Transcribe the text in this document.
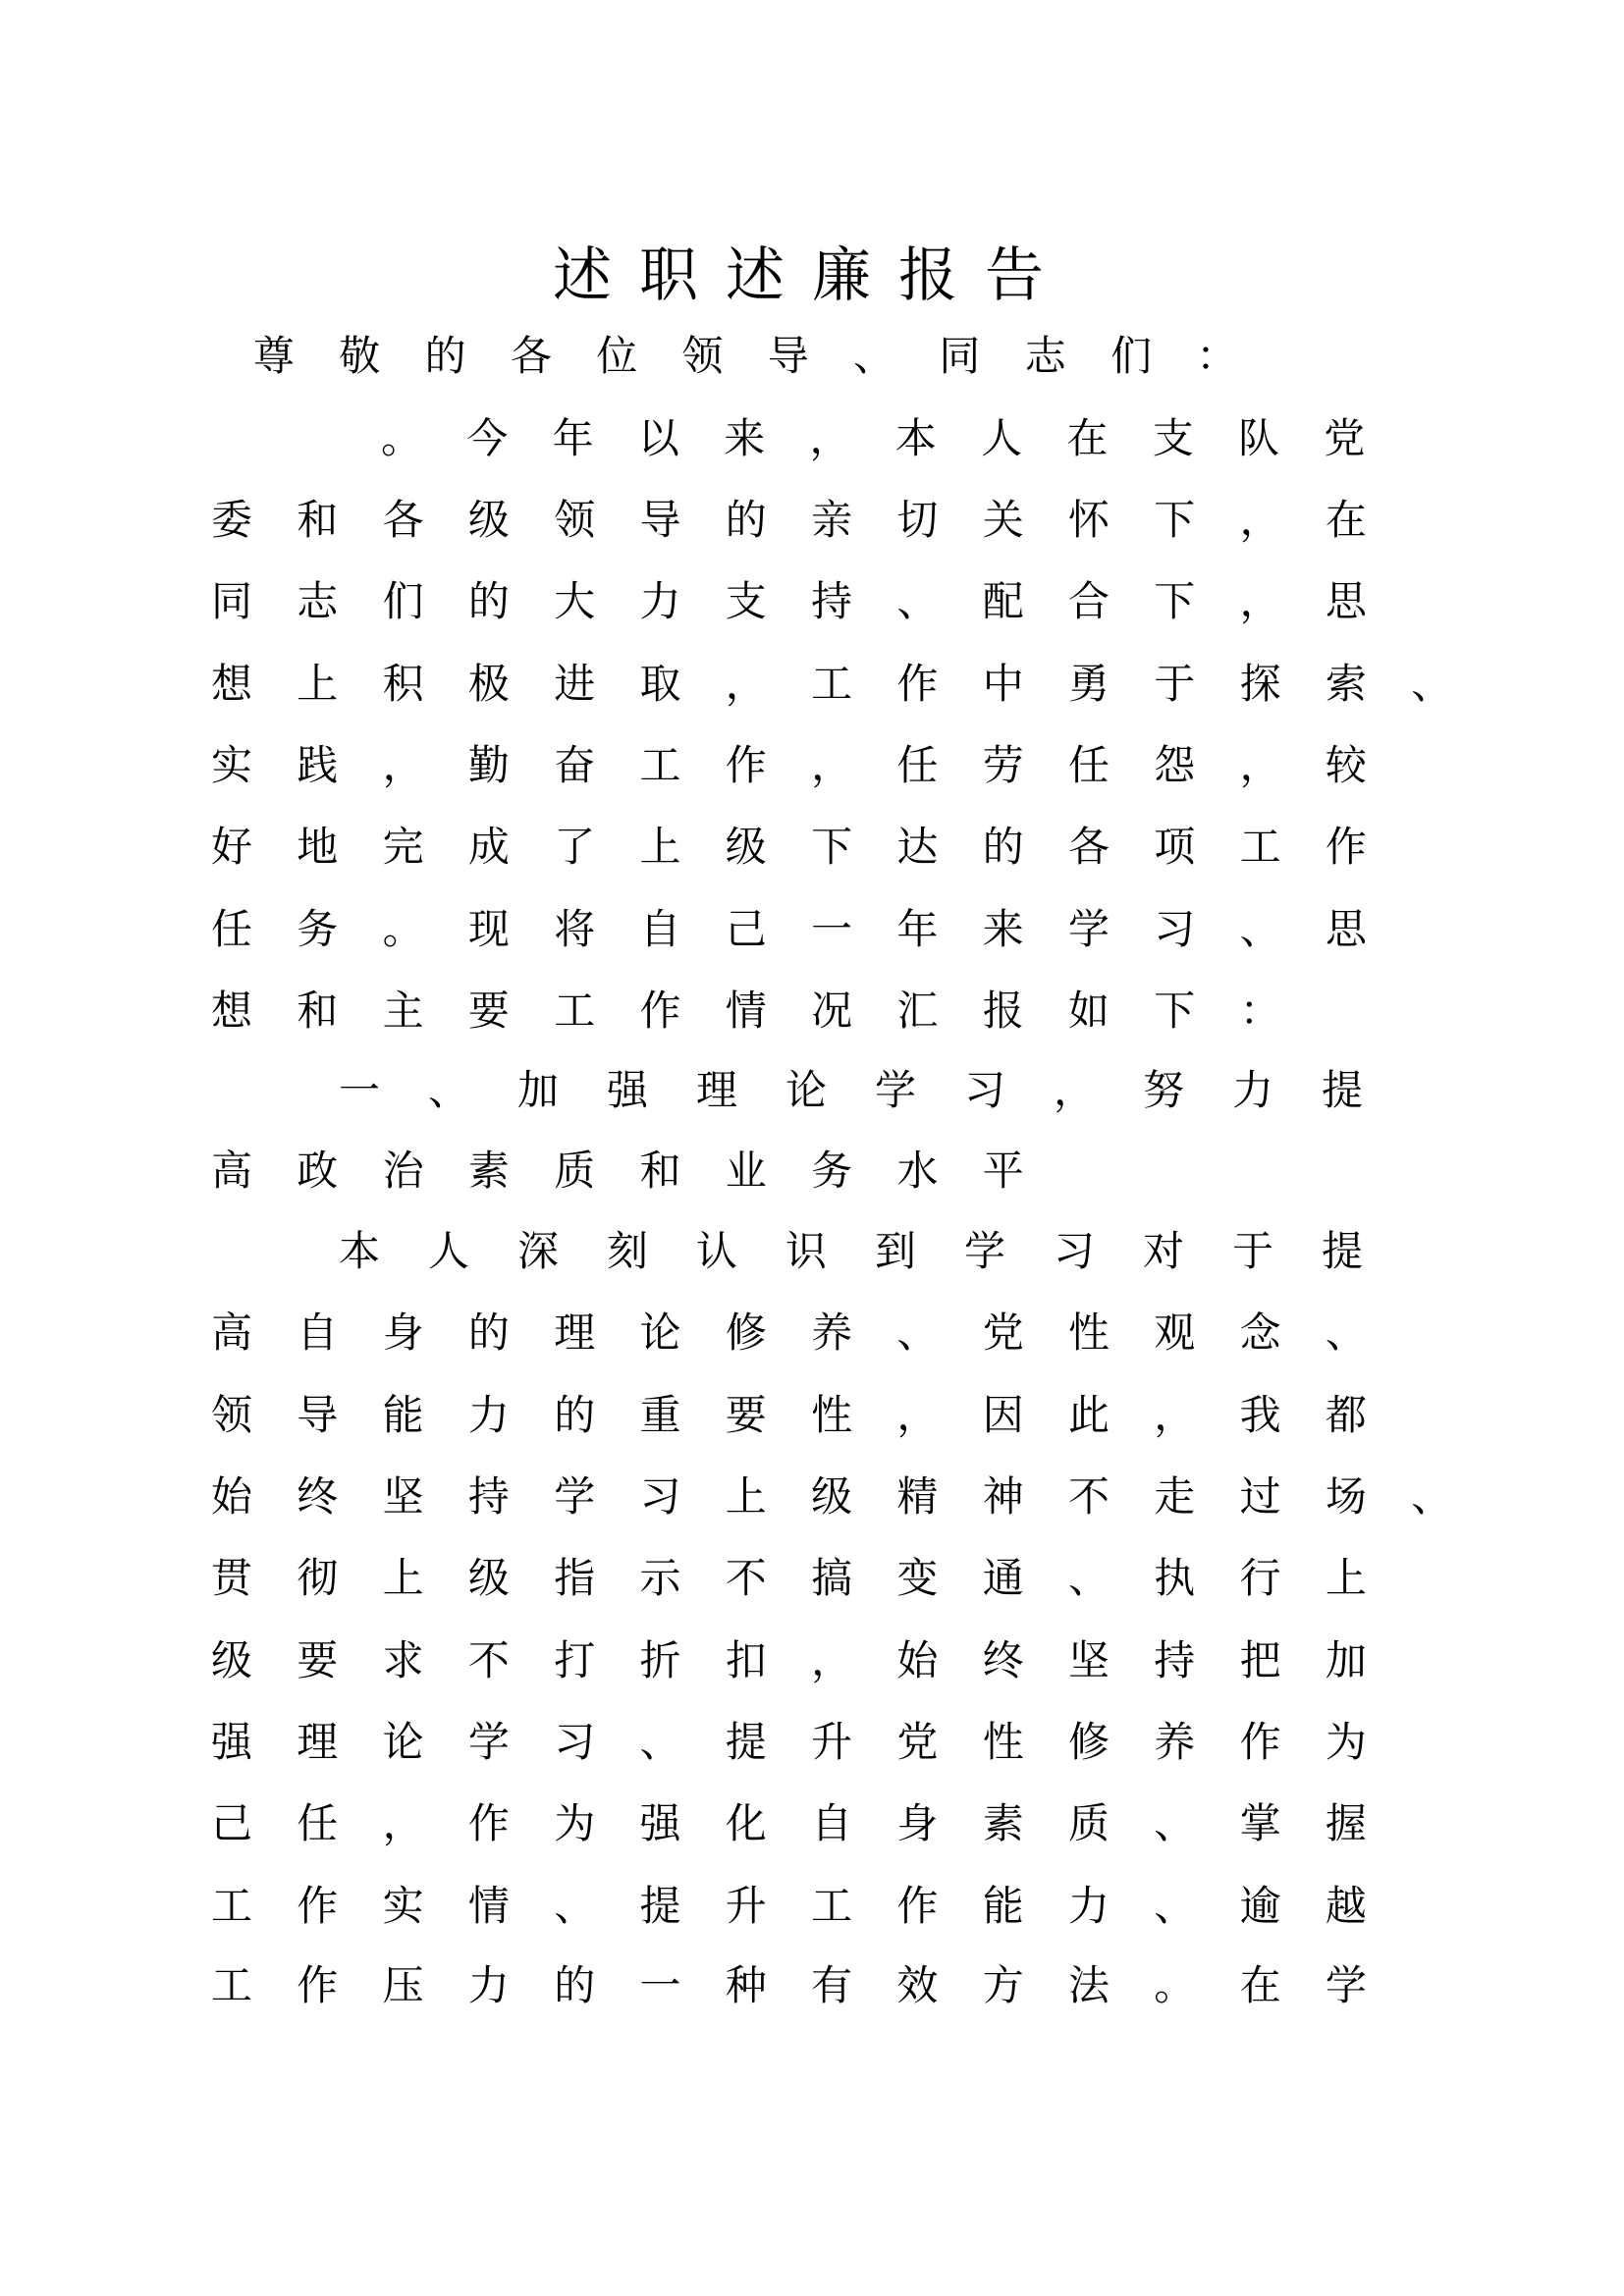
述职述廉报告
尊敬的各位领导、同志们：
。今年以来，本人在支队党
委和各级领导的亲切关怀下，在
同志们的大力支持、配合下，思
想上积极进取，工作中勇于探索、
实践，勤奋工作，任劳任怨，较
好地完成了上级下达的各项工作
任务。现将自己一年来学习、思
想和主要工作情况汇报如下：
一、加强理论学习，努力提
高政治素质和业务水平
本人深刻认识到学习对于提
高自身的理论修养、党性观念、
领导能力的重要性，因此，我都
始终坚持学习上级精神不走过场、
贯彻上级指示不搞变通、执行上
级要求不打折扣，始终坚持把加
强理论学习、提升党性修养作为
己任，作为强化自身素质、掌握
工作实情、提升工作能力、逾越
工作压力的一种有效方法。在学
